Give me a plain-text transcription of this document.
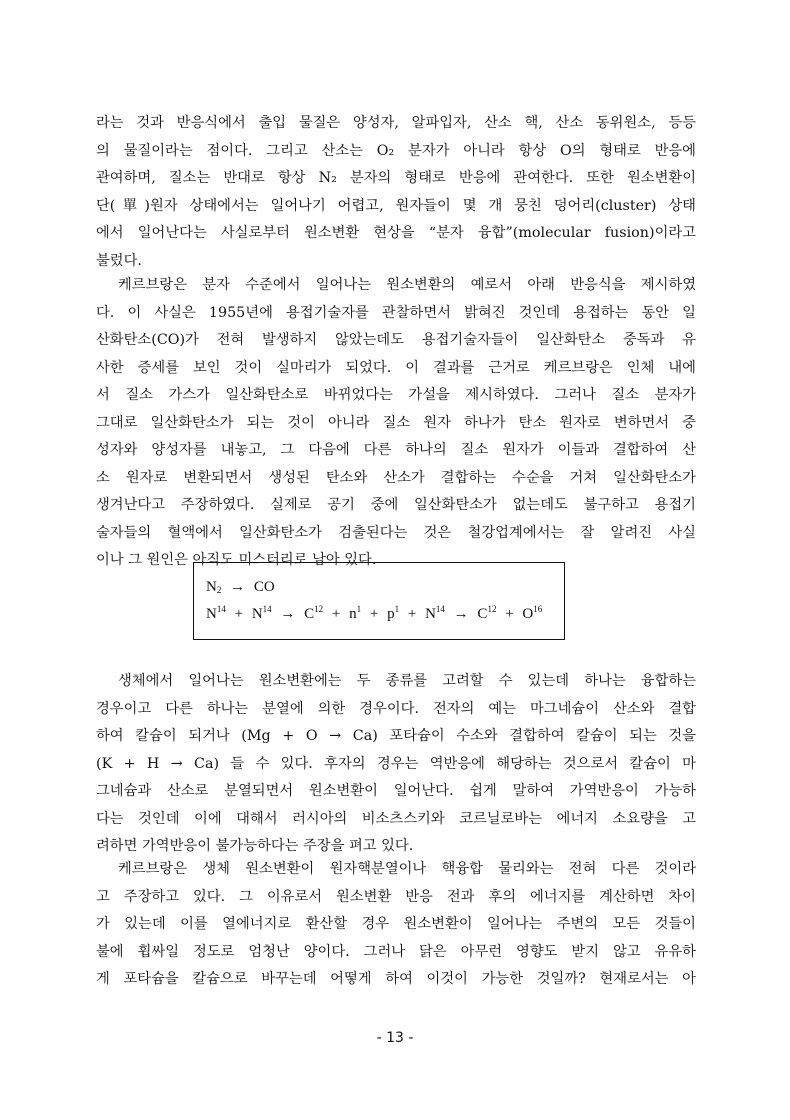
라는 것과 반응식에서 출입 물질은 양성자, 알파입자, 산소 핵, 산소 동위원소, 등등
의 물질이라는 점이다. 그리고 산소는 O₂ 분자가 아니라 항상 O의 형태로 반응에
관여하며, 질소는 반대로 항상 N₂ 분자의 형태로 반응에 관여한다. 또한 원소변환이
단(單)원자 상태에서는 일어나기 어렵고, 원자들이 몇 개 뭉친 덩어리(cluster) 상태
에서 일어난다는 사실로부터 원소변환 현상을 “분자 융합”(molecular fusion)이라고
불렀다.
케르브랑은 분자 수준에서 일어나는 원소변환의 예로서 아래 반응식을 제시하였
다. 이 사실은 1955년에 용접기술자를 관찰하면서 밝혀진 것인데 용접하는 동안 일
산화탄소(CO)가 전혀 발생하지 않았는데도 용접기술자들이 일산화탄소 중독과 유
사한 증세를 보인 것이 실마리가 되었다. 이 결과를 근거로 케르브랑은 인체 내에
서 질소 가스가 일산화탄소로 바뀌었다는 가설을 제시하였다. 그러나 질소 분자가
그대로 일산화탄소가 되는 것이 아니라 질소 원자 하나가 탄소 원자로 변하면서 중
성자와 양성자를 내놓고, 그 다음에 다른 하나의 질소 원자가 이들과 결합하여 산
소 원자로 변환되면서 생성된 탄소와 산소가 결합하는 수순을 거쳐 일산화탄소가
생겨난다고 주장하였다. 실제로 공기 중에 일산화탄소가 없는데도 불구하고 용접기
술자들의 혈액에서 일산화탄소가 검출된다는 것은 철강업계에서는 잘 알려진 사실
이나 그 원인은 아직도 미스터리로 남아 있다.
$N_2$ → CO
$N^{14} + N^{14} \to C^{12} + n^1 + p^1 + N^{14} \to C^{12} + O^{16}$
생체에서 일어나는 원소변환에는 두 종류를 고려할 수 있는데 하나는 융합하는
경우이고 다른 하나는 분열에 의한 경우이다. 전자의 예는 마그네슘이 산소와 결합
하여 칼슘이 되거나 (Mg + O → Ca) 포타슘이 수소와 결합하여 칼슘이 되는 것을
(K + H → Ca) 들 수 있다. 후자의 경우는 역반응에 해당하는 것으로서 칼슘이 마
그네슘과 산소로 분열되면서 원소변환이 일어난다. 쉽게 말하여 가역반응이 가능하
다는 것인데 이에 대해서 러시아의 비소츠스키와 코르닐로바는 에너지 소요량을 고
려하면 가역반응이 불가능하다는 주장을 펴고 있다.
케르브랑은 생체 원소변환이 원자핵분열이나 핵융합 물리와는 전혀 다른 것이라
고 주장하고 있다. 그 이유로서 원소변환 반응 전과 후의 에너지를 계산하면 차이
가 있는데 이를 열에너지로 환산할 경우 원소변환이 일어나는 주변의 모든 것들이
불에 휩싸일 정도로 엄청난 양이다. 그러나 닭은 아무런 영향도 받지 않고 유유하
게 포타슘을 칼슘으로 바꾸는데 어떻게 하여 이것이 가능한 것일까? 현재로서는 아
- 13 -
